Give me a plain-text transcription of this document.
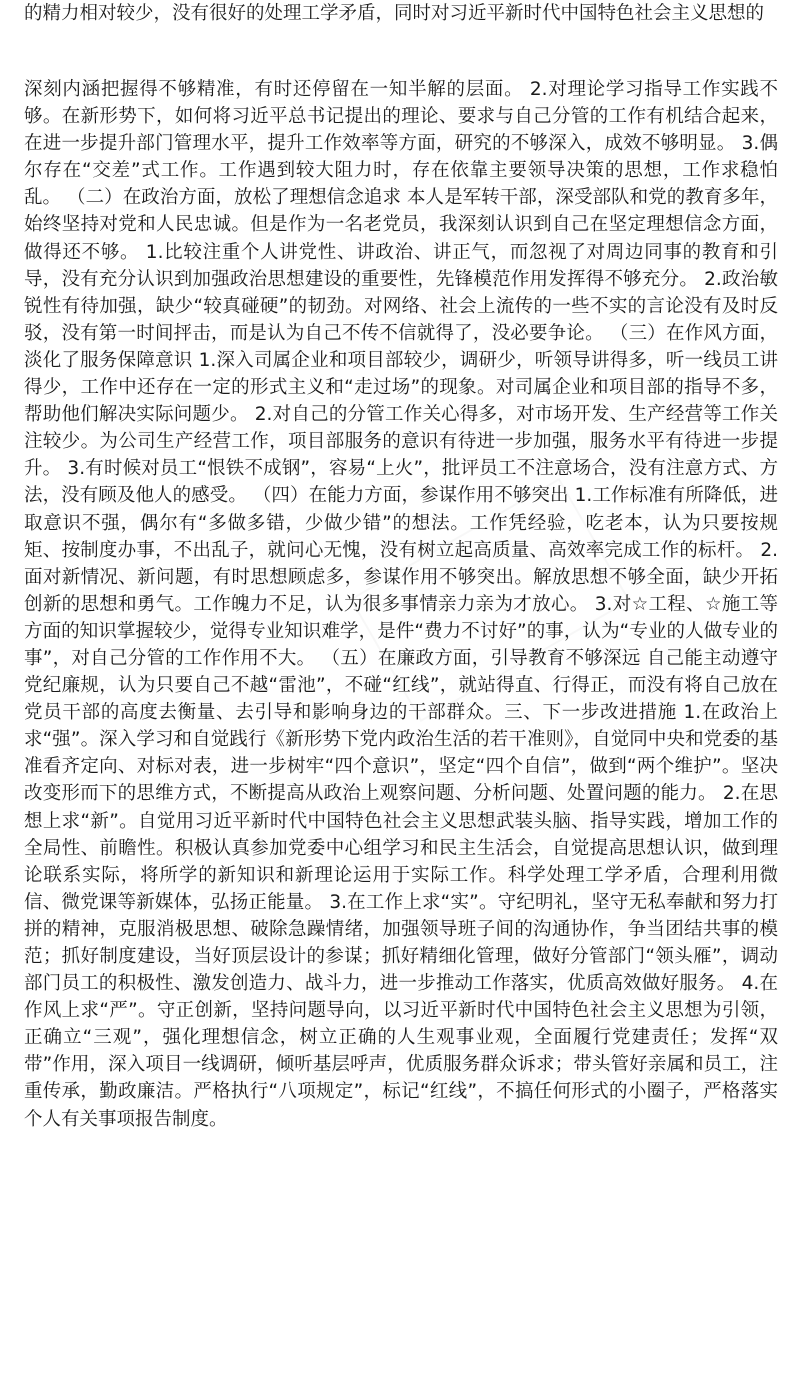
的精力相对较少，没有很好的处理工学矛盾，同时对习近平新时代中国特色社会主义思想的
深刻内涵把握得不够精准，有时还停留在一知半解的层面。 2.对理论学习指导工作实践不够。在新形势下，如何将习近平总书记提出的理论、要求与自己分管的工作有机结合起来，在进一步提升部门管理水平，提升工作效率等方面，研究的不够深入，成效不够明显。 3.偶尔存在“交差”式工作。工作遇到较大阻力时，存在依靠主要领导决策的思想，工作求稳怕乱。 （二）在政治方面，放松了理想信念追求 本人是军转干部，深受部队和党的教育多年，始终坚持对党和人民忠诚。但是作为一名老党员，我深刻认识到自己在坚定理想信念方面，做得还不够。 1.比较注重个人讲党性、讲政治、讲正气，而忽视了对周边同事的教育和引导，没有充分认识到加强政治思想建设的重要性，先锋模范作用发挥得不够充分。 2.政治敏锐性有待加强，缺少“较真碰硬”的韧劲。对网络、社会上流传的一些不实的言论没有及时反驳，没有第一时间抨击，而是认为自己不传不信就得了，没必要争论。 （三）在作风方面，淡化了服务保障意识 1.深入司属企业和项目部较少，调研少，听领导讲得多，听一线员工讲得少，工作中还存在一定的形式主义和“走过场”的现象。对司属企业和项目部的指导不多，帮助他们解决实际问题少。 2.对自己的分管工作关心得多，对市场开发、生产经营等工作关注较少。为公司生产经营工作，项目部服务的意识有待进一步加强，服务水平有待进一步提升。 3.有时候对员工“恨铁不成钢”，容易“上火”，批评员工不注意场合，没有注意方式、方法，没有顾及他人的感受。 （四）在能力方面，参谋作用不够突出 1.工作标准有所降低，进取意识不强，偶尔有“多做多错，少做少错”的想法。工作凭经验，吃老本，认为只要按规矩、按制度办事，不出乱子，就问心无愧，没有树立起高质量、高效率完成工作的标杆。 2.面对新情况、新问题，有时思想顾虑多，参谋作用不够突出。解放思想不够全面，缺少开拓创新的思想和勇气。工作魄力不足，认为很多事情亲力亲为才放心。 3.对☆工程、☆施工等方面的知识掌握较少，觉得专业知识难学，是件“费力不讨好”的事，认为“专业的人做专业的事”，对自己分管的工作作用不大。 （五）在廉政方面，引导教育不够深远 自己能主动遵守党纪廉规，认为只要自己不越“雷池”，不碰“红线”，就站得直、行得正，而没有将自己放在党员干部的高度去衡量、去引导和影响身边的干部群众。三、下一步改进措施 1.在政治上求“强”。深入学习和自觉践行《新形势下党内政治生活的若干准则》，自觉同中央和党委的基准看齐定向、对标对表，进一步树牢“四个意识”，坚定“四个自信”，做到“两个维护”。坚决改变形而下的思维方式，不断提高从政治上观察问题、分析问题、处置问题的能力。 2.在思想上求“新”。自觉用习近平新时代中国特色社会主义思想武装头脑、指导实践，增加工作的全局性、前瞻性。积极认真参加党委中心组学习和民主生活会，自觉提高思想认识，做到理论联系实际，将所学的新知识和新理论运用于实际工作。科学处理工学矛盾，合理利用微信、微党课等新媒体，弘扬正能量。 3.在工作上求“实”。守纪明礼，坚守无私奉献和努力打拼的精神，克服消极思想、破除急躁情绪，加强领导班子间的沟通协作，争当团结共事的模范；抓好制度建设，当好顶层设计的参谋；抓好精细化管理，做好分管部门“领头雁”，调动部门员工的积极性、激发创造力、战斗力，进一步推动工作落实，优质高效做好服务。 4.在作风上求“严”。守正创新，坚持问题导向，以习近平新时代中国特色社会主义思想为引领，正确立“三观”，强化理想信念，树立正确的人生观事业观，全面履行党建责任；发挥“双带”作用，深入项目一线调研，倾听基层呼声，优质服务群众诉求；带头管好亲属和员工，注重传承，勤政廉洁。严格执行“八项规定”，标记“红线”，不搞任何形式的小圈子，严格落实个人有关事项报告制度。
